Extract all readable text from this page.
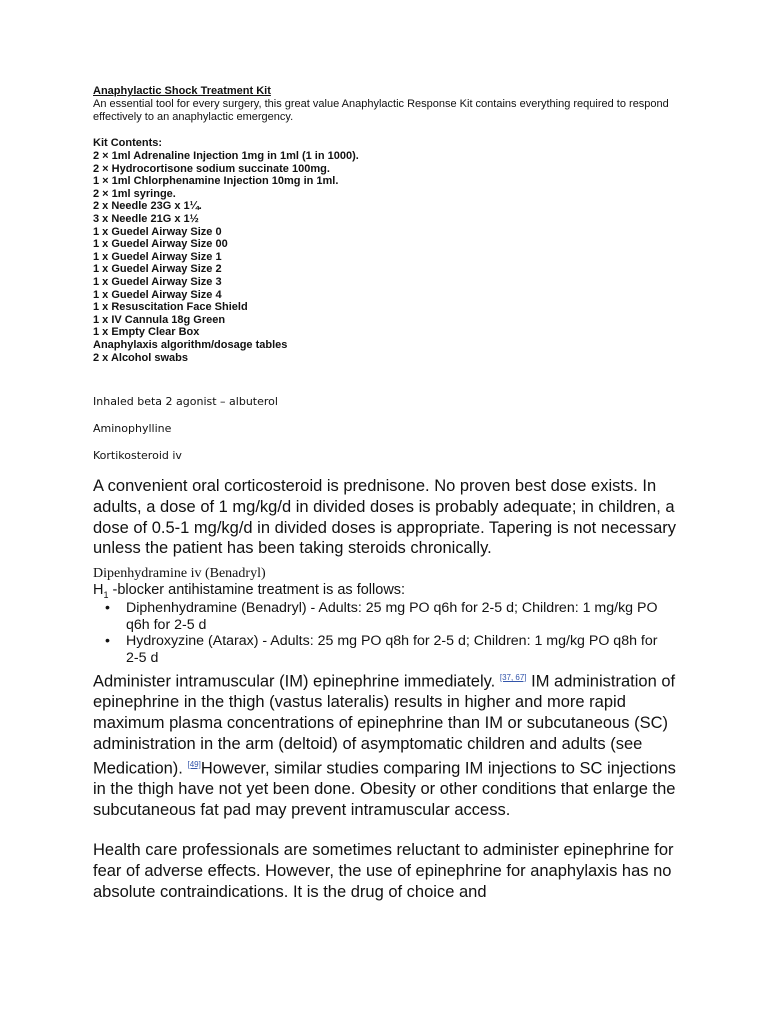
Anaphylactic Shock Treatment Kit

An essential tool for every surgery, this great value Anaphylactic Response Kit contains everything required to respond effectively to an anaphylactic emergency.

Kit Contents:

2 × 1ml Adrenaline Injection 1mg in 1ml (1 in 1000).
2 × Hydrocortisone sodium succinate 100mg.
1 × 1ml Chlorphenamine Injection 10mg in 1ml.
2 × 1ml syringe.
2 x Needle 23G x 1¼.
3 x Needle 21G x 1½
1 x Guedel Airway Size 0
1 x Guedel Airway Size 00
1 x Guedel Airway Size 1
1 x Guedel Airway Size 2
1 x Guedel Airway Size 3
1 x Guedel Airway Size 4
1 x Resuscitation Face Shield
1 x IV Cannula 18g Green
1 x Empty Clear Box
Anaphylaxis algorithm/dosage tables
2 x Alcohol swabs

Inhaled beta 2 agonist – albuterol

Aminophylline

Kortikosteroid iv

A convenient oral corticosteroid is prednisone. No proven best dose exists. In adults, a dose of 1 mg/kg/d in divided doses is probably adequate; in children, a dose of 0.5-1 mg/kg/d in divided doses is appropriate. Tapering is not necessary unless the patient has been taking steroids chronically.

Dipenhydramine iv (Benadryl)

$H_1$ -blocker antihistamine treatment is as follows:

• Diphenhydramine (Benadryl) - Adults: 25 mg PO q6h for 2-5 d; Children: 1 mg/kg PO q6h for 2-5 d
• Hydroxyzine (Atarax) - Adults: 25 mg PO q8h for 2-5 d; Children: 1 mg/kg PO q8h for 2-5 d

Administer intramuscular (IM) epinephrine immediately. [37, 67] IM administration of epinephrine in the thigh (vastus lateralis) results in higher and more rapid maximum plasma concentrations of epinephrine than IM or subcutaneous (SC) administration in the arm (deltoid) of asymptomatic children and adults (see Medication). [49]However, similar studies comparing IM injections to SC injections in the thigh have not yet been done. Obesity or other conditions that enlarge the subcutaneous fat pad may prevent intramuscular access.

Health care professionals are sometimes reluctant to administer epinephrine for fear of adverse effects. However, the use of epinephrine for anaphylaxis has no absolute contraindications. It is the drug of choice and
